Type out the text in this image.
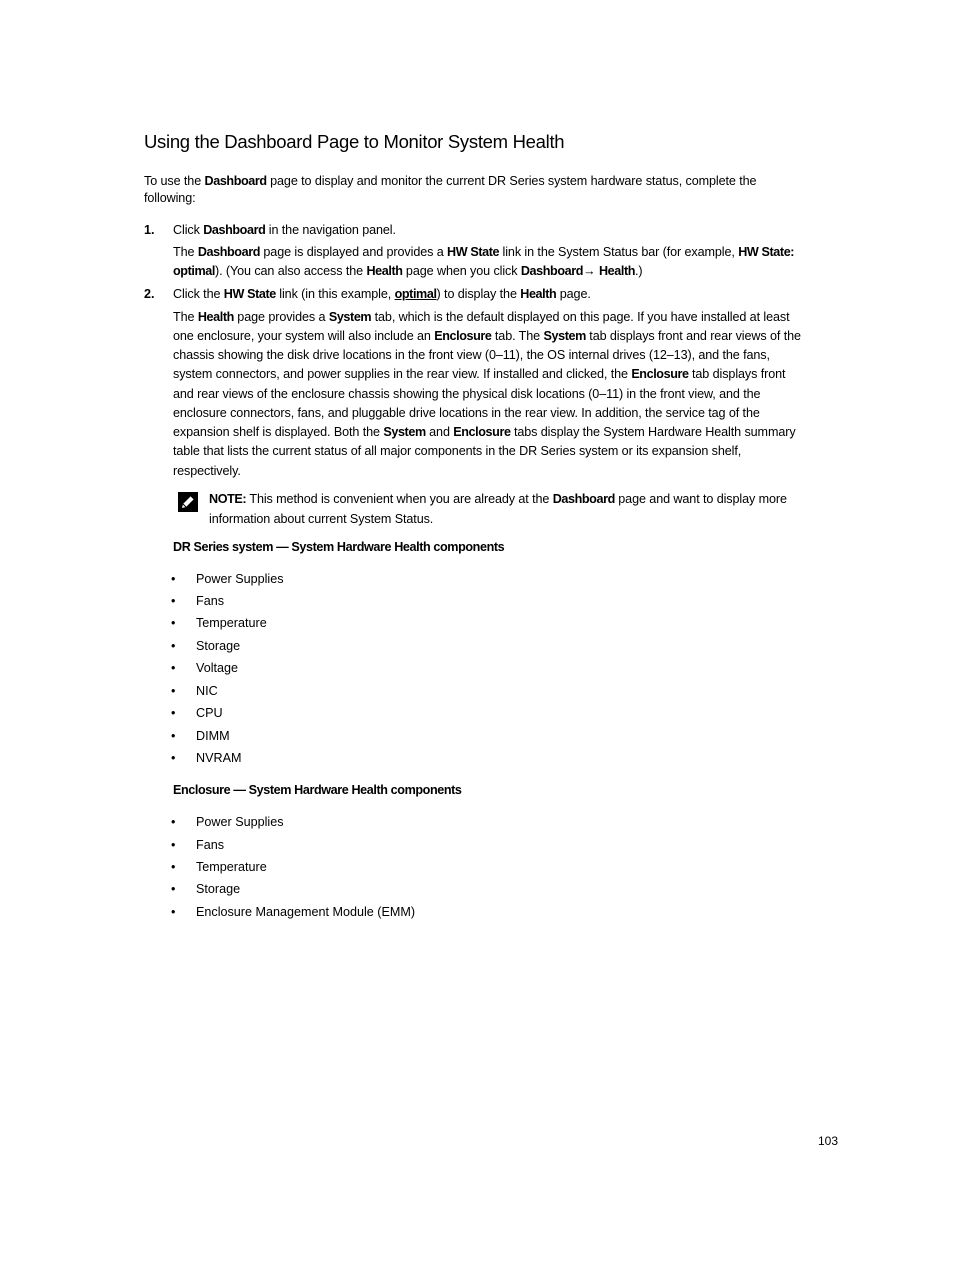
Using the Dashboard Page to Monitor System Health
To use the Dashboard page to display and monitor the current DR Series system hardware status, complete the
following:
1. Click Dashboard in the navigation panel.
The Dashboard page is displayed and provides a HW State link in the System Status bar (for example, HW State:
optimal). (You can also access the Health page when you click Dashboard→ Health.)
2. Click the HW State link (in this example, optimal) to display the Health page.
The Health page provides a System tab, which is the default displayed on this page. If you have installed at least
one enclosure, your system will also include an Enclosure tab. The System tab displays front and rear views of the
chassis showing the disk drive locations in the front view (0–11), the OS internal drives (12–13), and the fans,
system connectors, and power supplies in the rear view. If installed and clicked, the Enclosure tab displays front
and rear views of the enclosure chassis showing the physical disk locations (0–11) in the front view, and the
enclosure connectors, fans, and pluggable drive locations in the rear view. In addition, the service tag of the
expansion shelf is displayed. Both the System and Enclosure tabs display the System Hardware Health summary
table that lists the current status of all major components in the DR Series system or its expansion shelf,
respectively.
NOTE: This method is convenient when you are already at the Dashboard page and want to display more
information about current System Status.
DR Series system — System Hardware Health components
• Power Supplies
• Fans
• Temperature
• Storage
• Voltage
• NIC
• CPU
• DIMM
• NVRAM
Enclosure — System Hardware Health components
• Power Supplies
• Fans
• Temperature
• Storage
• Enclosure Management Module (EMM)
103
